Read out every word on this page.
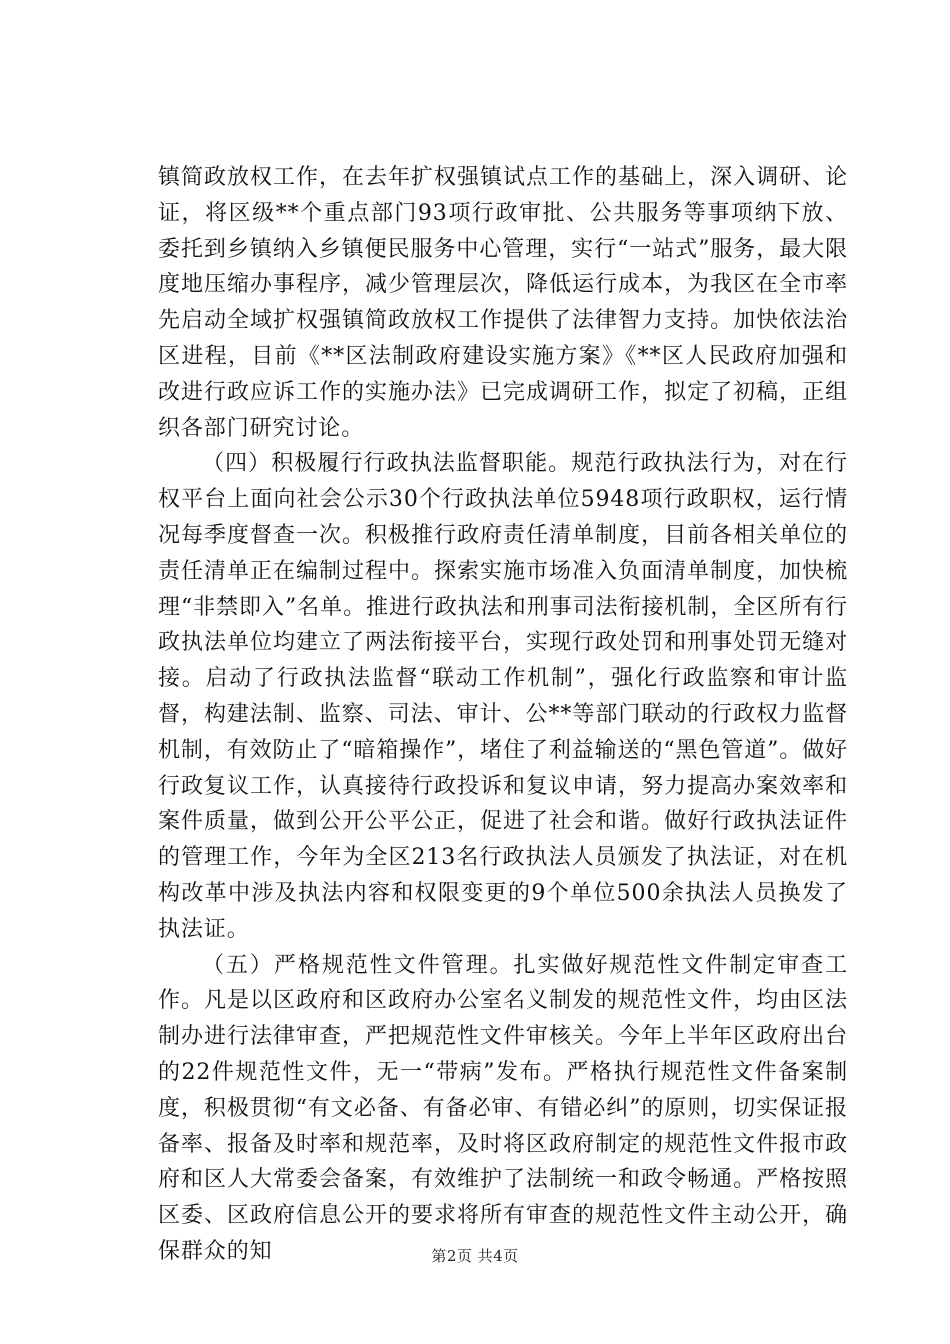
镇简政放权工作，在去年扩权强镇试点工作的基础上，深入调研、论证，将区级**个重点部门93项行政审批、公共服务等事项纳下放、委托到乡镇纳入乡镇便民服务中心管理，实行“一站式”服务，最大限度地压缩办事程序，减少管理层次，降低运行成本，为我区在全市率先启动全域扩权强镇简政放权工作提供了法律智力支持。加快依法治区进程，目前《**区法制政府建设实施方案》《**区人民政府加强和改进行政应诉工作的实施办法》已完成调研工作，拟定了初稿，正组织各部门研究讨论。

（四）积极履行行政执法监督职能。规范行政执法行为，对在行权平台上面向社会公示30个行政执法单位5948项行政职权，运行情况每季度督查一次。积极推行政府责任清单制度，目前各相关单位的责任清单正在编制过程中。探索实施市场准入负面清单制度，加快梳理“非禁即入”名单。推进行政执法和刑事司法衔接机制，全区所有行政执法单位均建立了两法衔接平台，实现行政处罚和刑事处罚无缝对接。启动了行政执法监督“联动工作机制”，强化行政监察和审计监督，构建法制、监察、司法、审计、公**等部门联动的行政权力监督机制，有效防止了“暗箱操作”，堵住了利益输送的“黑色管道”。做好行政复议工作，认真接待行政投诉和复议申请，努力提高办案效率和案件质量，做到公开公平公正，促进了社会和谐。做好行政执法证件的管理工作，今年为全区213名行政执法人员颁发了执法证，对在机构改革中涉及执法内容和权限变更的9个单位500余执法人员换发了执法证。

（五）严格规范性文件管理。扎实做好规范性文件制定审查工作。凡是以区政府和区政府办公室名义制发的规范性文件，均由区法制办进行法律审查，严把规范性文件审核关。今年上半年区政府出台的22件规范性文件，无一“带病”发布。严格执行规范性文件备案制度，积极贯彻“有文必备、有备必审、有错必纠”的原则，切实保证报备率、报备及时率和规范率，及时将区政府制定的规范性文件报市政府和区人大常委会备案，有效维护了法制统一和政令畅通。严格按照区委、区政府信息公开的要求将所有审查的规范性文件主动公开，确保群众的知	第2页 共4页
